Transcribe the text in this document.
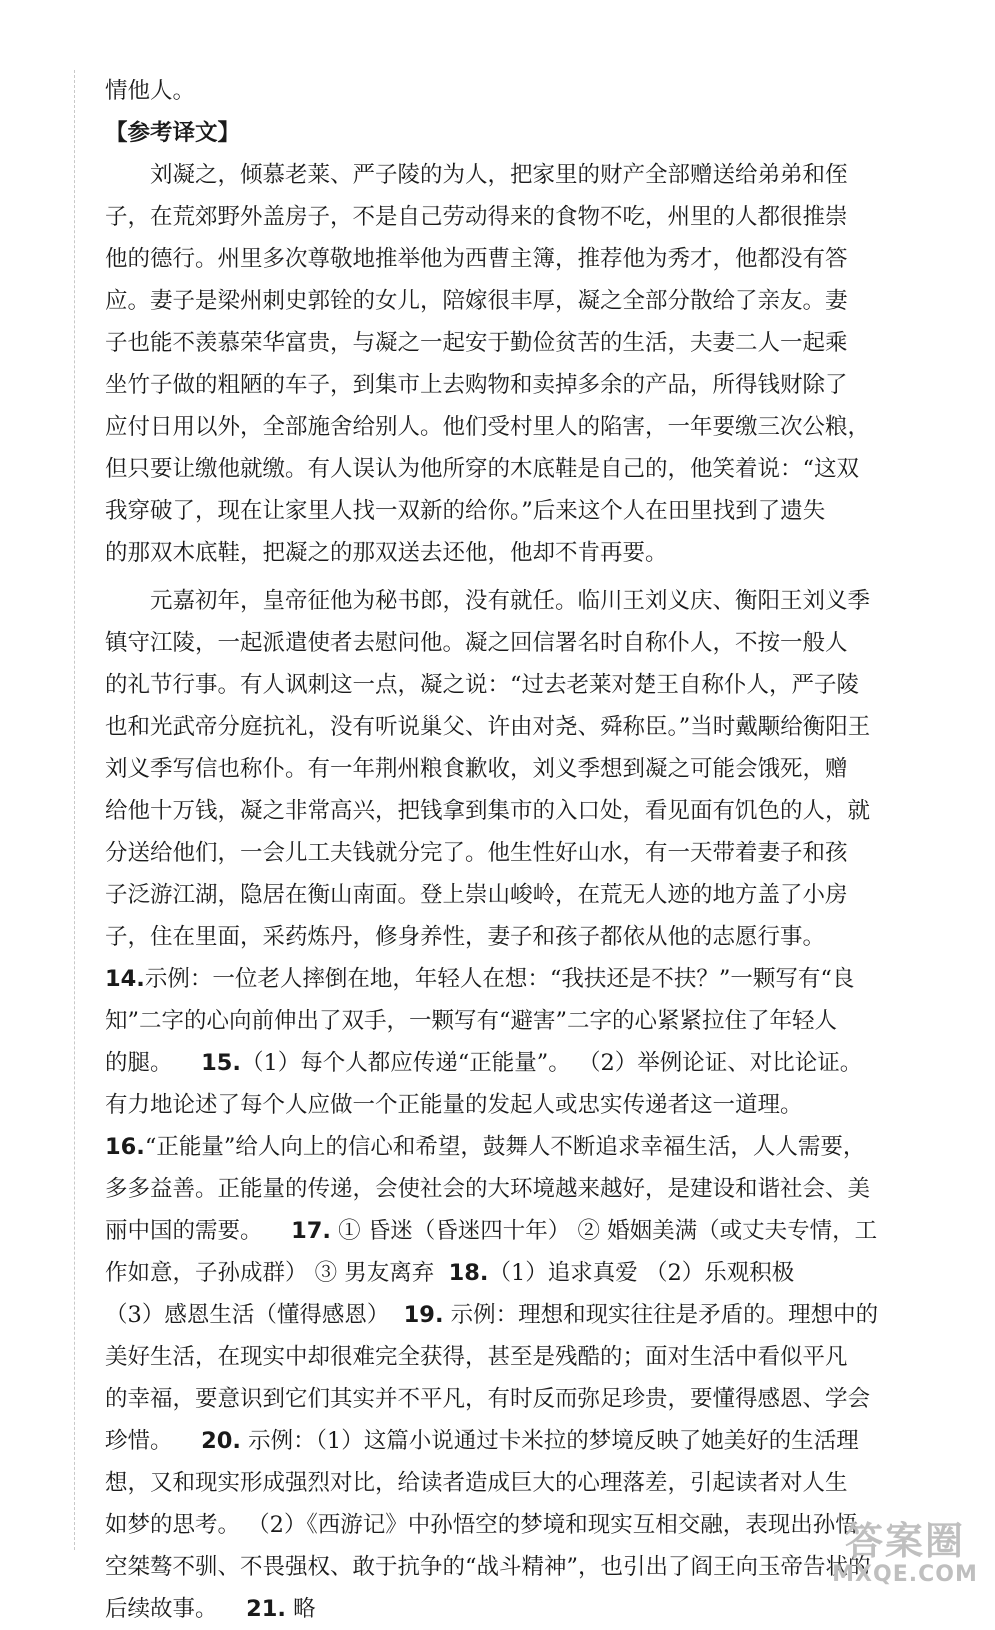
情他人。
【参考译文】
刘凝之，倾慕老莱、严子陵的为人，把家里的财产全部赠送给弟弟和侄
子，在荒郊野外盖房子，不是自己劳动得来的食物不吃，州里的人都很推崇
他的德行。州里多次尊敬地推举他为西曹主簿，推荐他为秀才，他都没有答
应。妻子是梁州刺史郭铨的女儿，陪嫁很丰厚，凝之全部分散给了亲友。妻
子也能不羡慕荣华富贵，与凝之一起安于勤俭贫苦的生活，夫妻二人一起乘
坐竹子做的粗陋的车子，到集市上去购物和卖掉多余的产品，所得钱财除了
应付日用以外，全部施舍给别人。他们受村里人的陷害，一年要缴三次公粮，
但只要让缴他就缴。有人误认为他所穿的木底鞋是自己的，他笑着说：“这双
我穿破了，现在让家里人找一双新的给你。”后来这个人在田里找到了遗失
的那双木底鞋，把凝之的那双送去还他，他却不肯再要。
元嘉初年，皇帝征他为秘书郎，没有就任。临川王刘义庆、衡阳王刘义季
镇守江陵，一起派遣使者去慰问他。凝之回信署名时自称仆人，不按一般人
的礼节行事。有人讽刺这一点，凝之说：“过去老莱对楚王自称仆人，严子陵
也和光武帝分庭抗礼，没有听说巢父、许由对尧、舜称臣。”当时戴颙给衡阳王
刘义季写信也称仆。有一年荆州粮食歉收，刘义季想到凝之可能会饿死，赠
给他十万钱，凝之非常高兴，把钱拿到集市的入口处，看见面有饥色的人，就
分送给他们，一会儿工夫钱就分完了。他生性好山水，有一天带着妻子和孩
子泛游江湖，隐居在衡山南面。登上崇山峻岭，在荒无人迹的地方盖了小房
子，住在里面，采药炼丹，修身养性，妻子和孩子都依从他的志愿行事。
14.示例：一位老人摔倒在地，年轻人在想：“我扶还是不扶？”一颗写有“良
知”二字的心向前伸出了双手，一颗写有“避害”二字的心紧紧拉住了年轻人
的腿。 15.（1）每个人都应传递“正能量”。 （2）举例论证、对比论证。
有力地论述了每个人应做一个正能量的发起人或忠实传递者这一道理。
16.“正能量”给人向上的信心和希望，鼓舞人不断追求幸福生活，人人需要，
多多益善。正能量的传递，会使社会的大环境越来越好，是建设和谐社会、美
丽中国的需要。 17. ① 昏迷（昏迷四十年） ② 婚姻美满（或丈夫专情，工
作如意，子孙成群） ③ 男友离弃 18.（1）追求真爱 （2）乐观积极
（3）感恩生活（懂得感恩） 19. 示例：理想和现实往往是矛盾的。理想中的
美好生活，在现实中却很难完全获得，甚至是残酷的；面对生活中看似平凡
的幸福，要意识到它们其实并不平凡，有时反而弥足珍贵，要懂得感恩、学会
珍惜。 20. 示例：（1）这篇小说通过卡米拉的梦境反映了她美好的生活理
想，又和现实形成强烈对比，给读者造成巨大的心理落差，引起读者对人生
如梦的思考。 （2）《西游记》中孙悟空的梦境和现实互相交融，表现出孙悟
空桀骜不驯、不畏强权、敢于抗争的“战斗精神”，也引出了阎王向玉帝告状的
后续故事。 21. 略
答案圈
MXQE.COM
